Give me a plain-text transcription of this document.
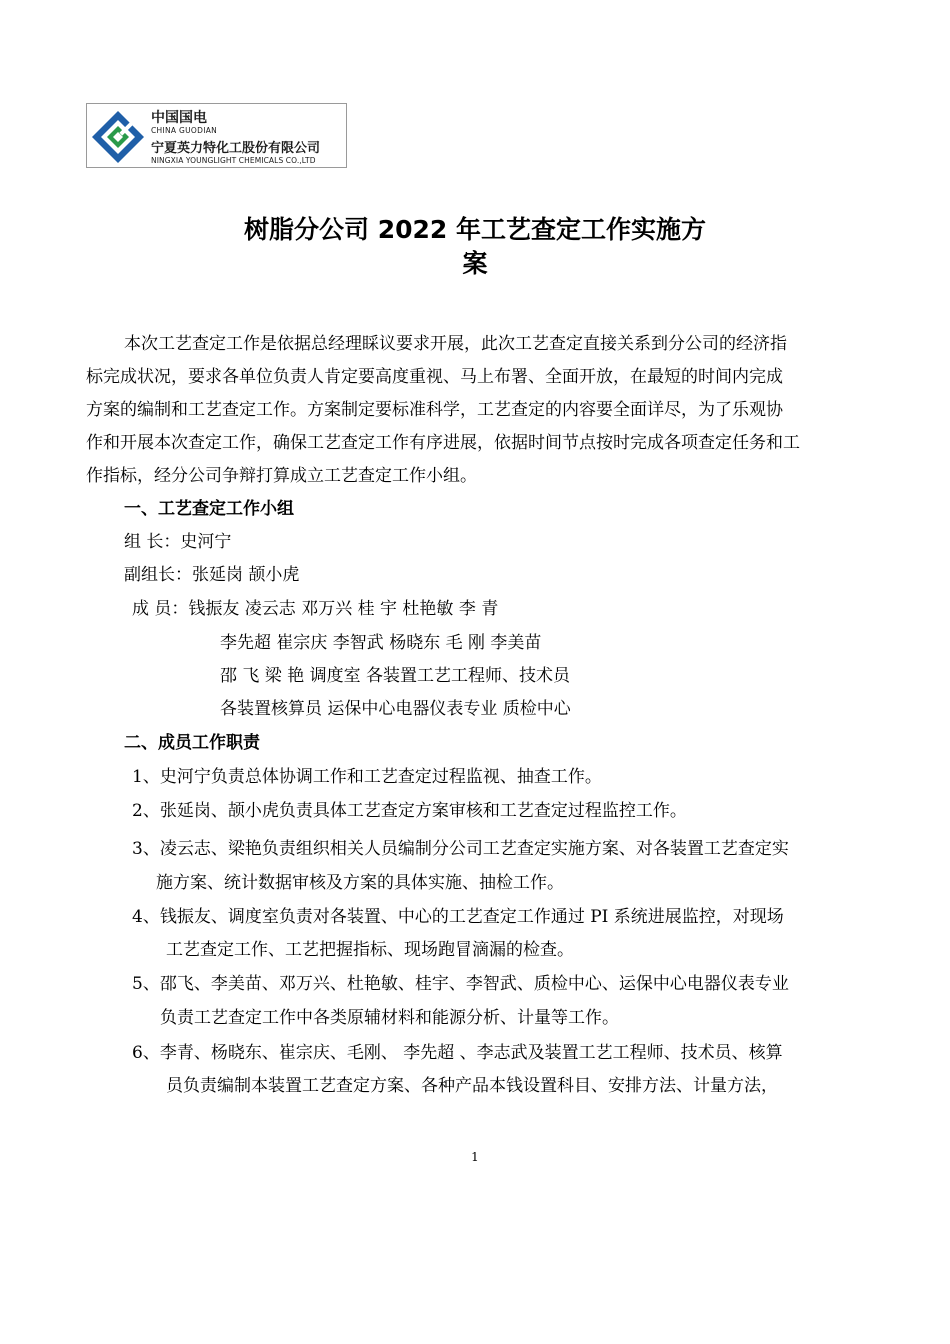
中国国电
CHINA GUODIAN
宁夏英力特化工股份有限公司
NINGXIA YOUNGLIGHT CHEMICALS CO.,LTD
树脂分公司 2022 年工艺查定工作实施方
案
本次工艺查定工作是依据总经理睬议要求开展，此次工艺查定直接关系到分公司的经济指
标完成状况，要求各单位负责人肯定要高度重视、马上布署、全面开放，在最短的时间内完成
方案的编制和工艺查定工作。方案制定要标准科学，工艺查定的内容要全面详尽，为了乐观协
作和开展本次查定工作，确保工艺查定工作有序进展，依据时间节点按时完成各项查定任务和工
作指标，经分公司争辩打算成立工艺查定工作小组。
一、工艺查定工作小组
组 长：史河宁
副组长：张延岗 颉小虎
成 员：钱振友 凌云志 邓万兴 桂 宇 杜艳敏 李 青
李先超 崔宗庆 李智武 杨晓东 毛 刚 李美苗
邵 飞 梁 艳 调度室 各装置工艺工程师、技术员
各装置核算员 运保中心电器仪表专业 质检中心
二、成员工作职责
1、史河宁负责总体协调工作和工艺查定过程监视、抽查工作。
2、张延岗、颉小虎负责具体工艺查定方案审核和工艺查定过程监控工作。
3、凌云志、梁艳负责组织相关人员编制分公司工艺查定实施方案、对各装置工艺查定实
施方案、统计数据审核及方案的具体实施、抽检工作。
4、钱振友、调度室负责对各装置、中心的工艺查定工作通过 PI 系统进展监控，对现场
工艺查定工作、工艺把握指标、现场跑冒滴漏的检查。
5、邵飞、李美苗、邓万兴、杜艳敏、桂宇、李智武、质检中心、运保中心电器仪表专业
负责工艺查定工作中各类原辅材料和能源分析、计量等工作。
6、李青、杨晓东、崔宗庆、毛刚、 李先超 、李志武及装置工艺工程师、技术员、核算
员负责编制本装置工艺查定方案、各种产品本钱设置科目、安排方法、计量方法，
1
